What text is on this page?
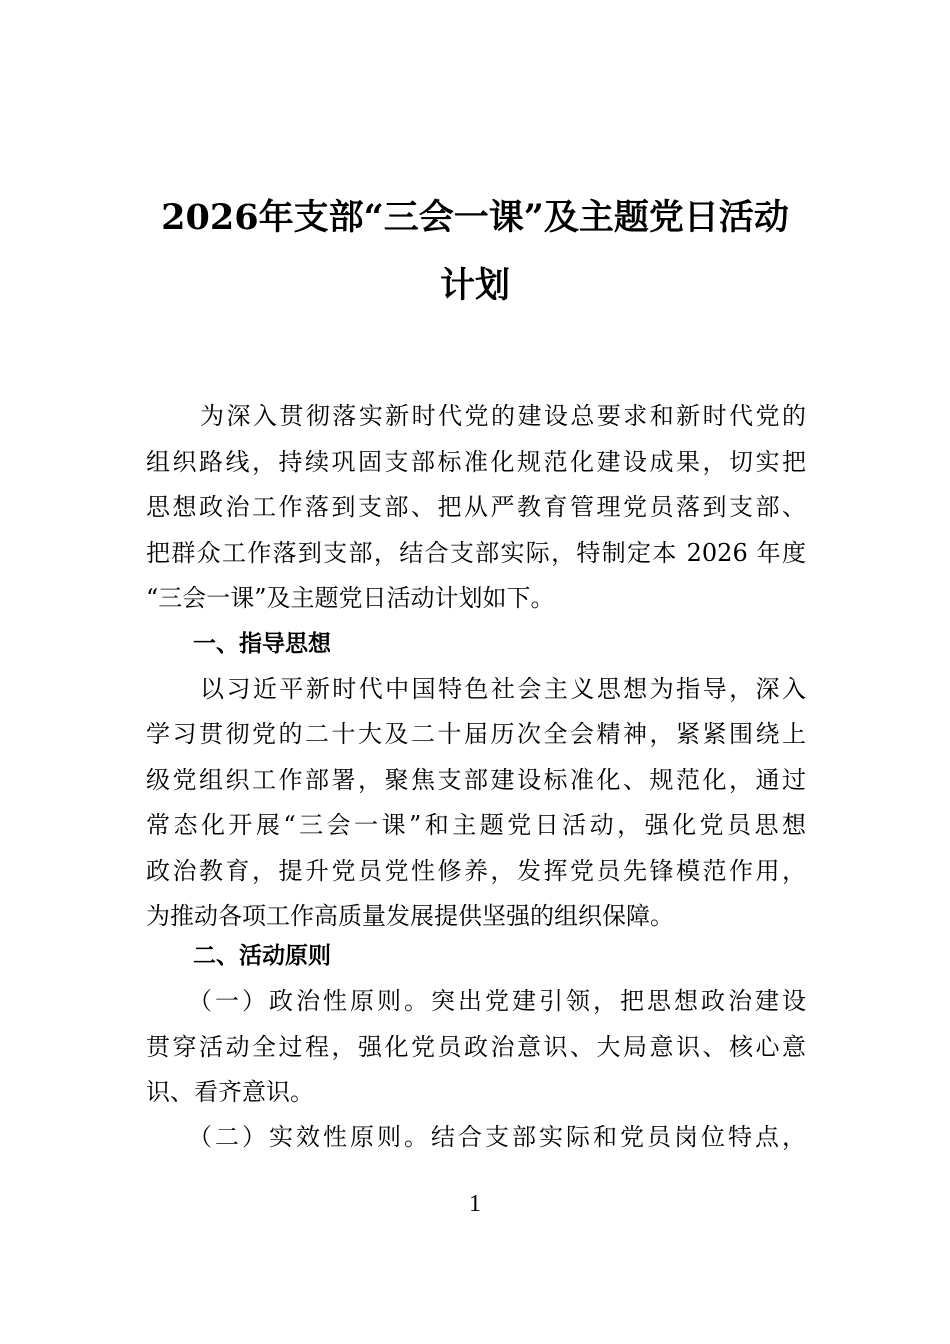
2026年支部“三会一课”及主题党日活动
计划
为深入贯彻落实新时代党的建设总要求和新时代党的
组织路线，持续巩固支部标准化规范化建设成果，切实把
思想政治工作落到支部、把从严教育管理党员落到支部、
把群众工作落到支部，结合支部实际，特制定本 2026 年度
“三会一课”及主题党日活动计划如下。
一、指导思想
以习近平新时代中国特色社会主义思想为指导，深入
学习贯彻党的二十大及二十届历次全会精神，紧紧围绕上
级党组织工作部署，聚焦支部建设标准化、规范化，通过
常态化开展“三会一课”和主题党日活动，强化党员思想
政治教育，提升党员党性修养，发挥党员先锋模范作用，
为推动各项工作高质量发展提供坚强的组织保障。
二、活动原则
（一）政治性原则。突出党建引领，把思想政治建设
贯穿活动全过程，强化党员政治意识、大局意识、核心意
识、看齐意识。
（二）实效性原则。结合支部实际和党员岗位特点，
1
